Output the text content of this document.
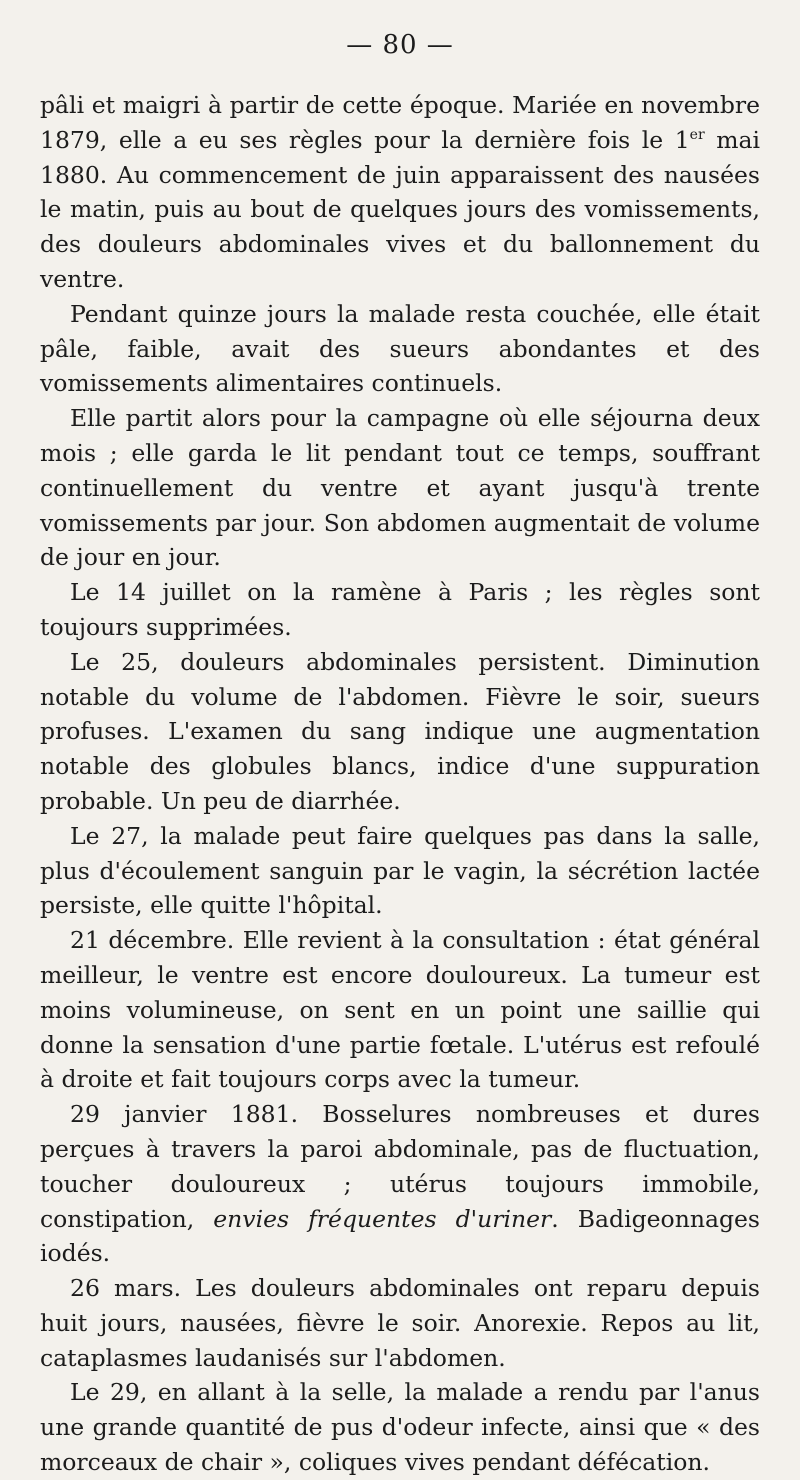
— 80 —

pâli et maigri à partir de cette époque. Mariée en novembre 1879, elle a eu ses règles pour la dernière fois le 1er mai 1880. Au commencement de juin apparaissent des nausées le matin, puis au bout de quelques jours des vomissements, des douleurs abdominales vives et du ballonnement du ventre.

Pendant quinze jours la malade resta couchée, elle était pâle, faible, avait des sueurs abondantes et des vomissements alimentaires continuels.

Elle partit alors pour la campagne où elle séjourna deux mois ; elle garda le lit pendant tout ce temps, souffrant continuellement du ventre et ayant jusqu'à trente vomissements par jour. Son abdomen augmentait de volume de jour en jour.

Le 14 juillet on la ramène à Paris ; les règles sont toujours supprimées.

Le 25, douleurs abdominales persistent. Diminution notable du volume de l'abdomen. Fièvre le soir, sueurs profuses. L'examen du sang indique une augmentation notable des globules blancs, indice d'une suppuration probable. Un peu de diarrhée.

Le 27, la malade peut faire quelques pas dans la salle, plus d'écoulement sanguin par le vagin, la sécrétion lactée persiste, elle quitte l'hôpital.

21 décembre. Elle revient à la consultation : état général meilleur, le ventre est encore douloureux. La tumeur est moins volumineuse, on sent en un point une saillie qui donne la sensation d'une partie fœtale. L'utérus est refoulé à droite et fait toujours corps avec la tumeur.

29 janvier 1881. Bosselures nombreuses et dures perçues à travers la paroi abdominale, pas de fluctuation, toucher douloureux ; utérus toujours immobile, constipation, envies fréquentes d'uriner. Badigeonnages iodés.

26 mars. Les douleurs abdominales ont reparu depuis huit jours, nausées, fièvre le soir. Anorexie. Repos au lit, cataplasmes laudanisés sur l'abdomen.

Le 29, en allant à la selle, la malade a rendu par l'anus une grande quantité de pus d'odeur infecte, ainsi que « des morceaux de chair », coliques vives pendant défécation.
